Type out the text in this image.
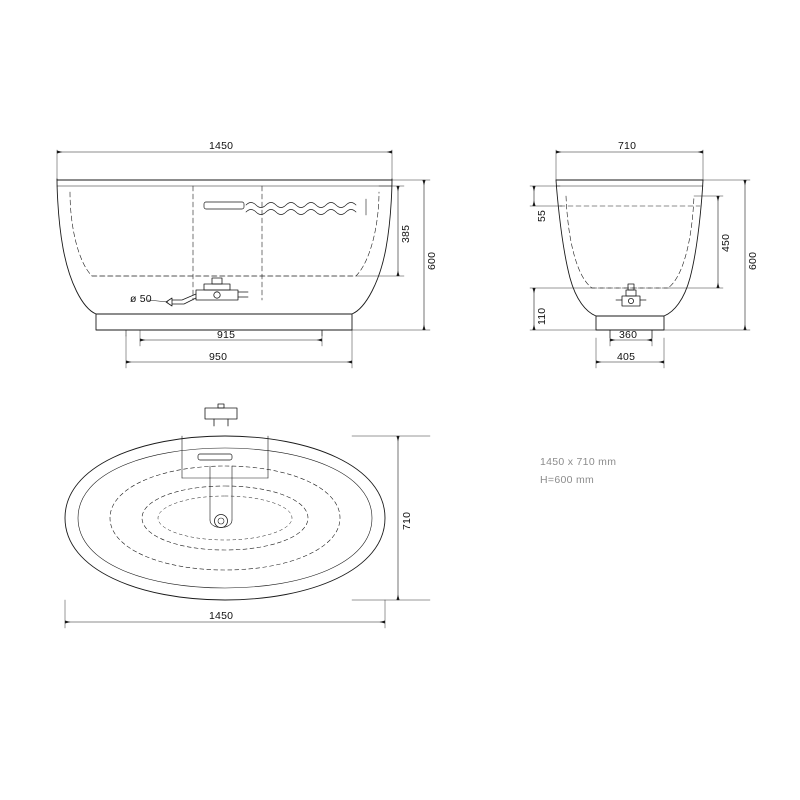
1450
385
600
ø 50
915
950
710
55
450
600
110
360
405
710
1450
1450 x 710 mm
H=600 mm
